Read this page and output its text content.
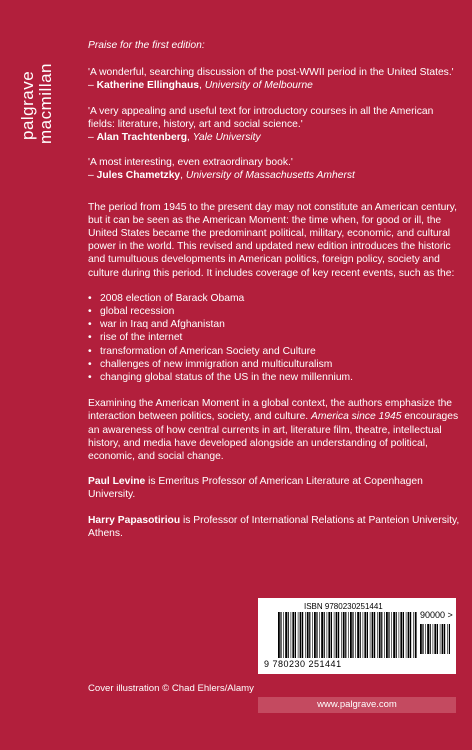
palgrave macmillan
Praise for the first edition:
'A wonderful, searching discussion of the post-WWII period in the United States.'
– Katherine Ellinghaus, University of Melbourne
'A very appealing and useful text for introductory courses in all the American fields: literature, history, art and social science.'
– Alan Trachtenberg, Yale University
'A most interesting, even extraordinary book.'
– Jules Chametzky, University of Massachusetts Amherst
The period from 1945 to the present day may not constitute an American century, but it can be seen as the American Moment: the time when, for good or ill, the United States became the predominant political, military, economic, and cultural power in the world. This revised and updated new edition introduces the historic and tumultuous developments in American politics, foreign policy, society and culture during this period. It includes coverage of key recent events, such as the:
• 2008 election of Barack Obama
• global recession
• war in Iraq and Afghanistan
• rise of the internet
• transformation of American Society and Culture
• challenges of new immigration and multiculturalism
• changing global status of the US in the new millennium.
Examining the American Moment in a global context, the authors emphasize the interaction between politics, society, and culture. America since 1945 encourages an awareness of how central currents in art, literature film, theatre, intellectual history, and media have developed alongside an understanding of political, economic, and social change.
Paul Levine is Emeritus Professor of American Literature at Copenhagen University.
Harry Papasotiriou is Professor of International Relations at Panteion University, Athens.
ISBN 9780230251441
90000 >
9 780230 251441
Cover illustration © Chad Ehlers/Alamy
www.palgrave.com
